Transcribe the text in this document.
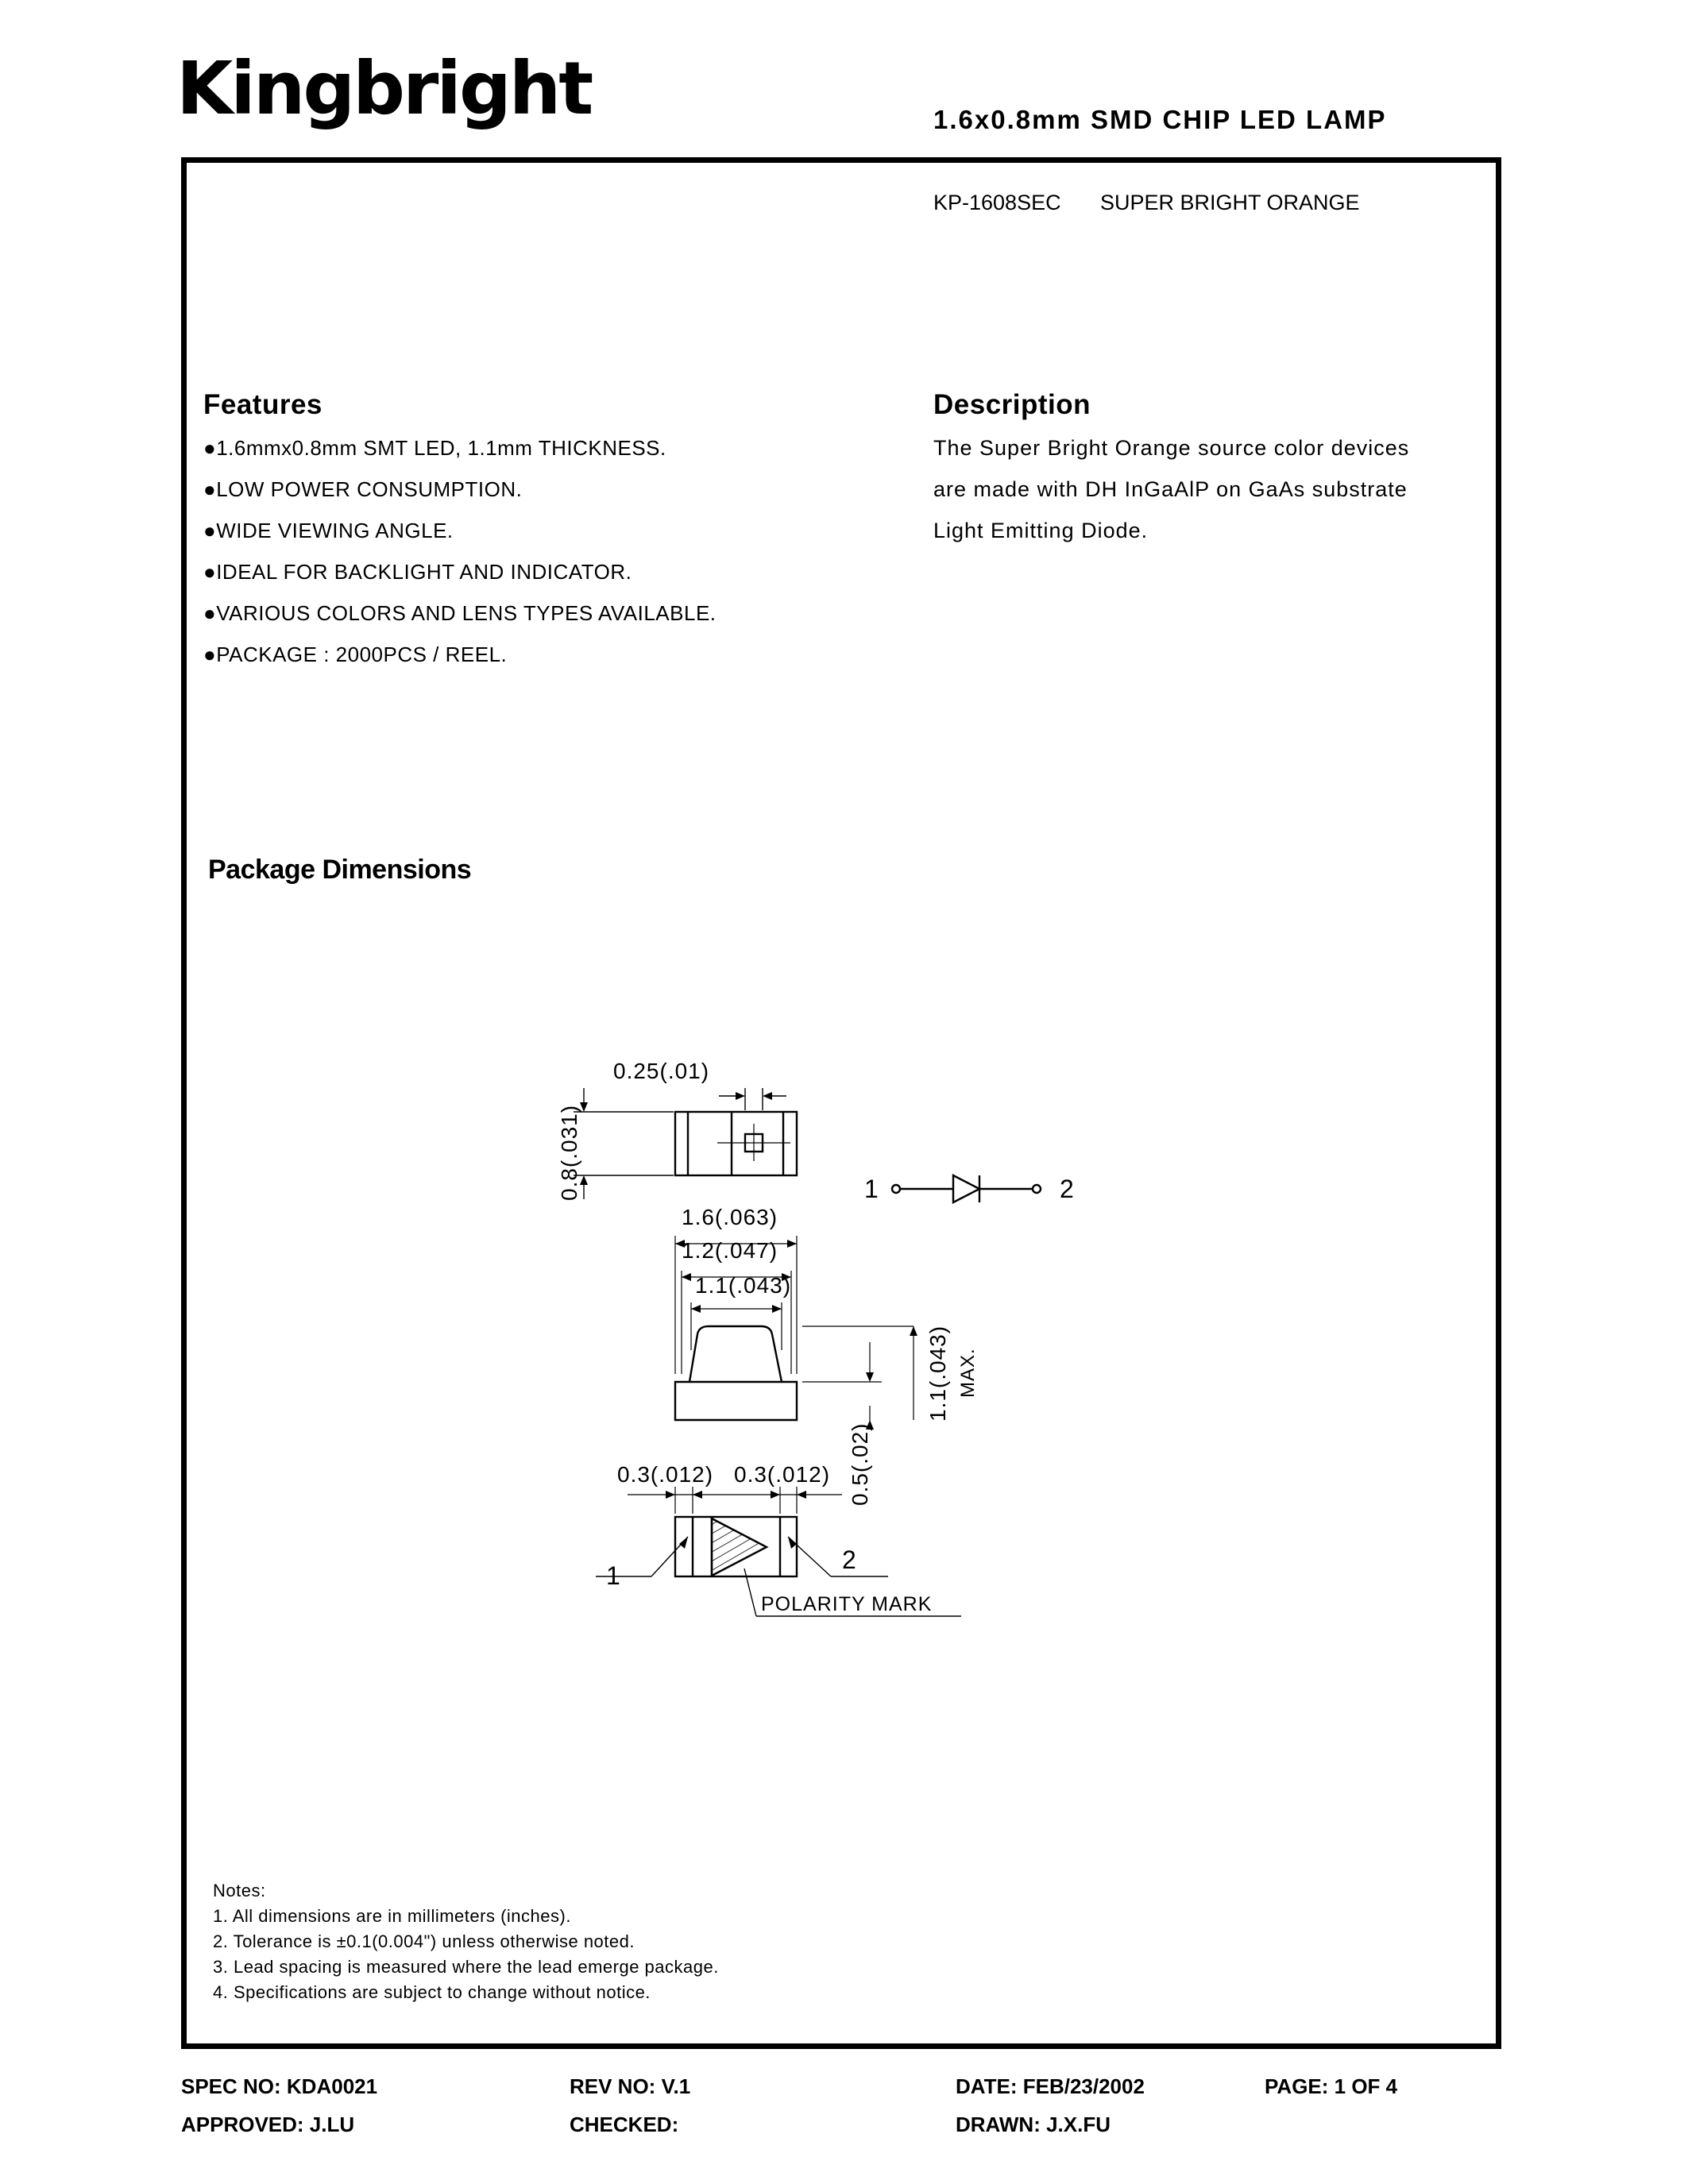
Kingbright	1.6x0.8mm SMD CHIP LED LAMP
KP-1608SEC SUPER BRIGHT ORANGE
Features
●1.6mmx0.8mm SMT LED, 1.1mm THICKNESS.
●LOW POWER CONSUMPTION.
●WIDE VIEWING ANGLE.
●IDEAL FOR BACKLIGHT AND INDICATOR.
●VARIOUS COLORS AND LENS TYPES AVAILABLE.
●PACKAGE : 2000PCS / REEL.
Description
The Super Bright Orange source color devices
are made with DH InGaAlP on GaAs substrate
Light Emitting Diode.
Package Dimensions
0.25(.01)
0.8(.031)
1.6(.063)
1.2(.047)
1.1(.043)
1.1(.043) MAX.
0.5(.02)
0.3(.012) 0.3(.012)
1	2
1
2
POLARITY MARK
Notes:
1. All dimensions are in millimeters (inches).
2. Tolerance is ±0.1(0.004") unless otherwise noted.
3. Lead spacing is measured where the lead emerge package.
4. Specifications are subject to change without notice.
SPEC NO: KDA0021	REV NO: V.1	DATE: FEB/23/2002	PAGE: 1 OF 4
APPROVED: J.LU	CHECKED:	DRAWN: J.X.FU
